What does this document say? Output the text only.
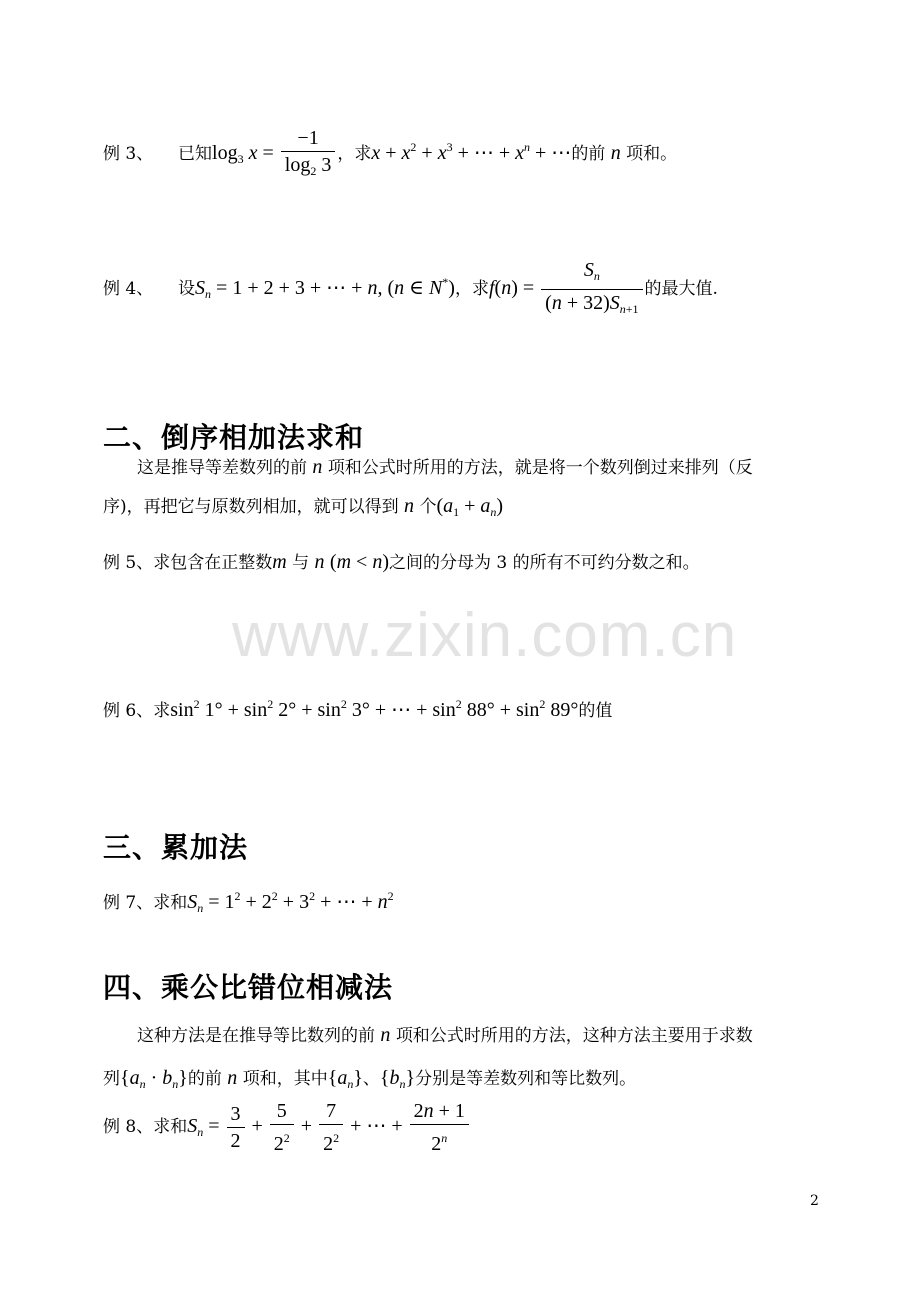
例 3、 已知$\log_3 x = \frac{-1}{\log_2 3}$ ，求$x + x^2 + x^3$ + ⋯ + $x^n$ + ⋯的前 n 项和。
例 4、 设$S_n = 1 + 2 + 3$ + ⋯ + n, (n ∈ N*)，求$f(n) = \frac{S_n}{(n + 32)S_{n+1}}$ 的最大值.
二、倒序相加法求和
这是推导等差数列的前 n 项和公式时所用的方法，就是将一个数列倒过来排列（反
序)，再把它与原数列相加，就可以得到 n 个$(a_1 + a_n)$
例 5、求包含在正整数m 与 n (m < n)之间的分母为 3 的所有不可约分数之和。
www.zixin.com.cn
例 6、求$\sin^2 1^\circ + \sin^2 2^\circ + \sin^2 3^\circ$ + ⋯ + $\sin^2 88^\circ + \sin^2 89^\circ$的值
三、累加法
例 7、求和$S_n = 1^2 + 2^2 + 3^2$ + ⋯ + $n^2$
四、乘公比错位相减法
这种方法是在推导等比数列的前 n 项和公式时所用的方法，这种方法主要用于求数
列$\{a_n \cdot b_n\}$的前 n 项和，其中$\{a_n\}$、$\{b_n\}$分别是等差数列和等比数列。
例 8、求和$S_n = \frac{3}{2} + \frac{5}{2^2} + \frac{7}{2^2}$ + ⋯ + $\frac{2n + 1}{2^n}$
2
